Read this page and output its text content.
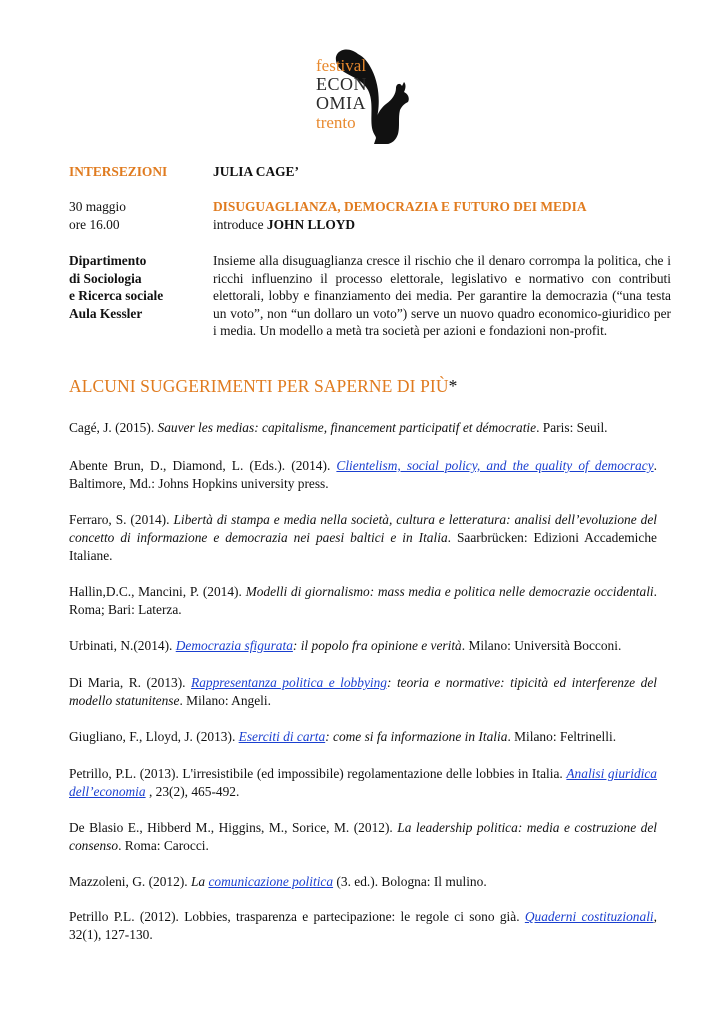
festival
ECON
OMIA
trento
INTERSEZIONI	JULIA CAGE’
30 maggio
ore 16.00
DISUGUAGLIANZA, DEMOCRAZIA E FUTURO DEI MEDIA
introduce JOHN LLOYD
Dipartimento
di Sociologia
e Ricerca sociale
Aula Kessler
Insieme alla disuguaglianza cresce il rischio che il denaro corrompa la politica, che i ricchi influenzino il processo elettorale, legislativo e normativo con contributi elettorali, lobby e finanziamento dei media. Per garantire la democrazia (“una testa un voto”, non “un dollaro un voto”) serve un nuovo quadro economico-giuridico per i media. Un modello a metà tra società per azioni e fondazioni non-profit.
ALCUNI SUGGERIMENTI PER SAPERNE DI PIÙ*
Cagé, J. (2015). Sauver les medias: capitalisme, financement participatif et démocratie. Paris: Seuil.
Abente Brun, D., Diamond, L. (Eds.). (2014). Clientelism, social policy, and the quality of democracy. Baltimore, Md.: Johns Hopkins university press.
Ferraro, S. (2014). Libertà di stampa e media nella società, cultura e letteratura: analisi dell’evoluzione del concetto di informazione e democrazia nei paesi baltici e in Italia. Saarbrücken: Edizioni Accademiche Italiane.
Hallin,D.C., Mancini, P. (2014). Modelli di giornalismo: mass media e politica nelle democrazie occidentali. Roma; Bari: Laterza.
Urbinati, N.(2014). Democrazia sfigurata: il popolo fra opinione e verità. Milano: Università Bocconi.
Di Maria, R. (2013). Rappresentanza politica e lobbying: teoria e normative: tipicità ed interferenze del modello statunitense. Milano: Angeli.
Giugliano, F., Lloyd, J. (2013). Eserciti di carta: come si fa informazione in Italia. Milano: Feltrinelli.
Petrillo, P.L. (2013). L'irresistibile (ed impossibile) regolamentazione delle lobbies in Italia. Analisi giuridica dell’economia , 23(2), 465-492.
De Blasio E., Hibberd M., Higgins, M., Sorice, M. (2012). La leadership politica: media e costruzione del consenso. Roma: Carocci.
Mazzoleni, G. (2012). La comunicazione politica (3. ed.). Bologna: Il mulino.
Petrillo P.L. (2012). Lobbies, trasparenza e partecipazione: le regole ci sono già. Quaderni costituzionali, 32(1), 127-130.
